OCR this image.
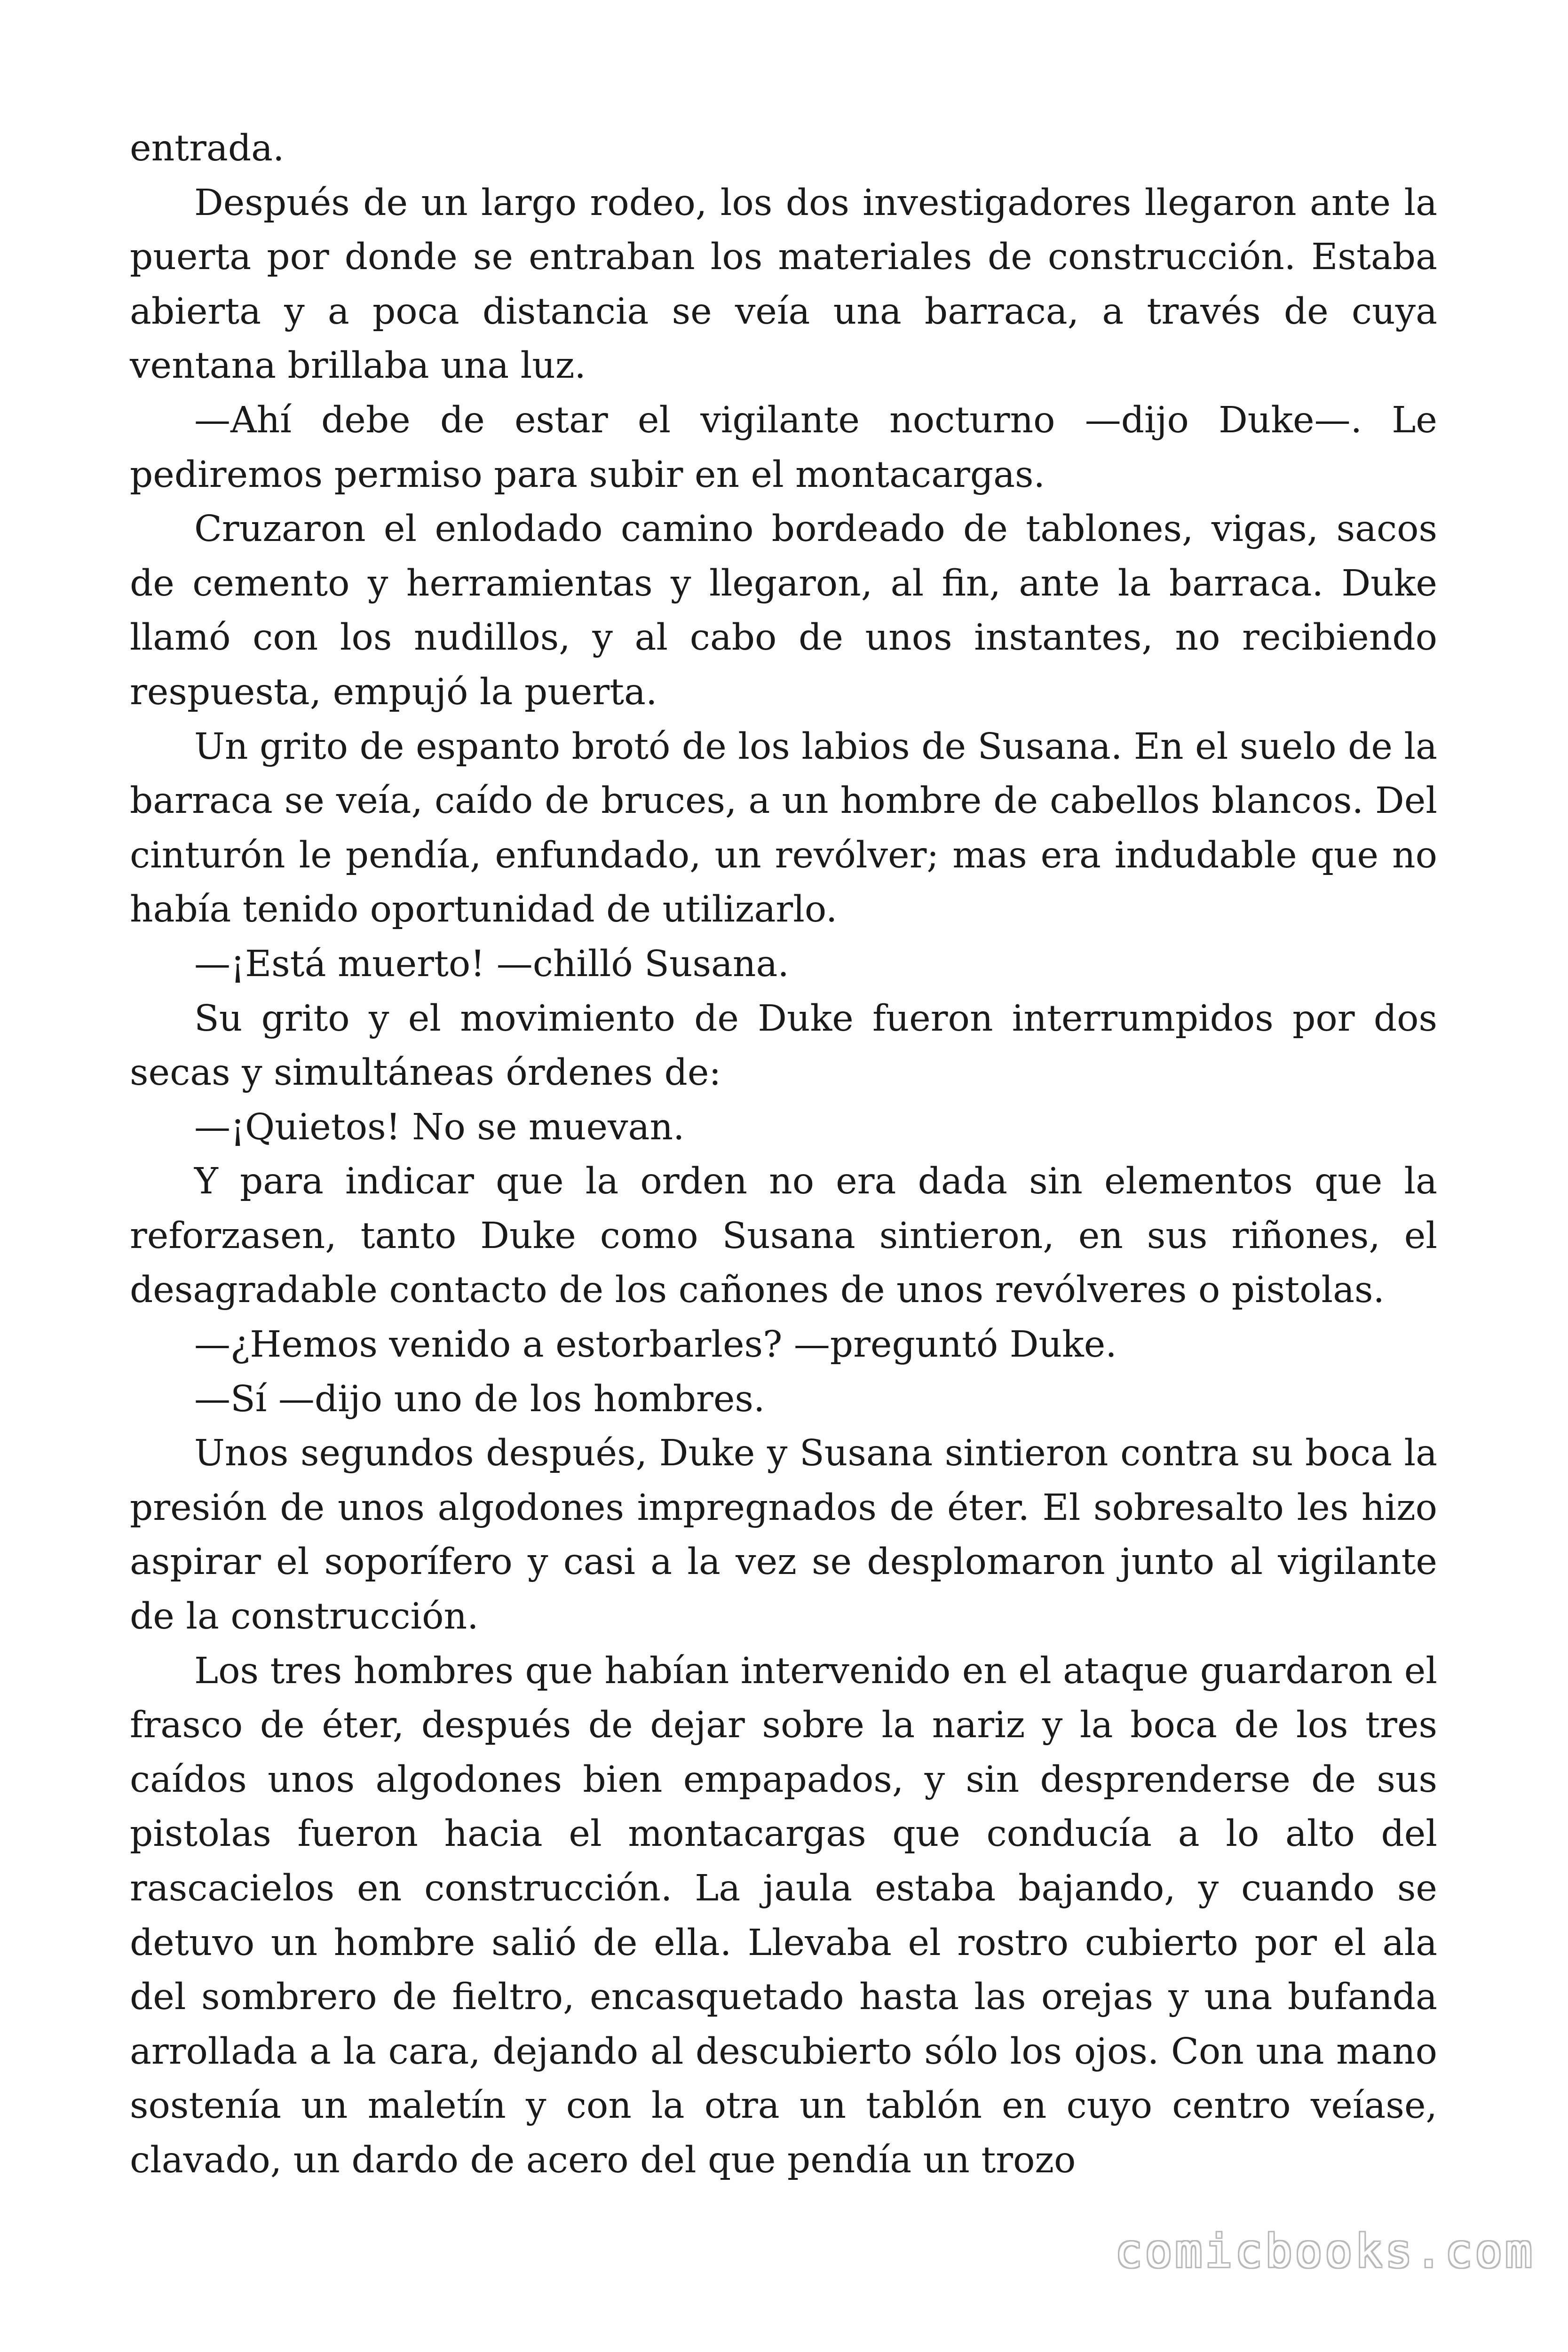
entrada.

Después de un largo rodeo, los dos investigadores llegaron ante la puerta por donde se entraban los materiales de construcción. Estaba abierta y a poca distancia se veía una barraca, a través de cuya ventana brillaba una luz.

—Ahí debe de estar el vigilante nocturno —dijo Duke—. Le pediremos permiso para subir en el montacargas.

Cruzaron el enlodado camino bordeado de tablones, vigas, sacos de cemento y herramientas y llegaron, al fin, ante la barraca. Duke llamó con los nudillos, y al cabo de unos instantes, no recibiendo respuesta, empujó la puerta.

Un grito de espanto brotó de los labios de Susana. En el suelo de la barraca se veía, caído de bruces, a un hombre de cabellos blancos. Del cinturón le pendía, enfundado, un revólver; mas era indudable que no había tenido oportunidad de utilizarlo.

—¡Está muerto! —chilló Susana.

Su grito y el movimiento de Duke fueron interrumpidos por dos secas y simultáneas órdenes de:

—¡Quietos! No se muevan.

Y para indicar que la orden no era dada sin elementos que la reforzasen, tanto Duke como Susana sintieron, en sus riñones, el desagradable contacto de los cañones de unos revólveres o pistolas.

—¿Hemos venido a estorbarles? —preguntó Duke.

—Sí —dijo uno de los hombres.

Unos segundos después, Duke y Susana sintieron contra su boca la presión de unos algodones impregnados de éter. El sobresalto les hizo aspirar el soporífero y casi a la vez se desplomaron junto al vigilante de la construcción.

Los tres hombres que habían intervenido en el ataque guardaron el frasco de éter, después de dejar sobre la nariz y la boca de los tres caídos unos algodones bien empapados, y sin desprenderse de sus pistolas fueron hacia el montacargas que conducía a lo alto del rascacielos en construcción. La jaula estaba bajando, y cuando se detuvo un hombre salió de ella. Llevaba el rostro cubierto por el ala del sombrero de fieltro, encasquetado hasta las orejas y una bufanda arrollada a la cara, dejando al descubierto sólo los ojos. Con una mano sostenía un maletín y con la otra un tablón en cuyo centro veíase, clavado, un dardo de acero del que pendía un trozo

comicbooks.com
